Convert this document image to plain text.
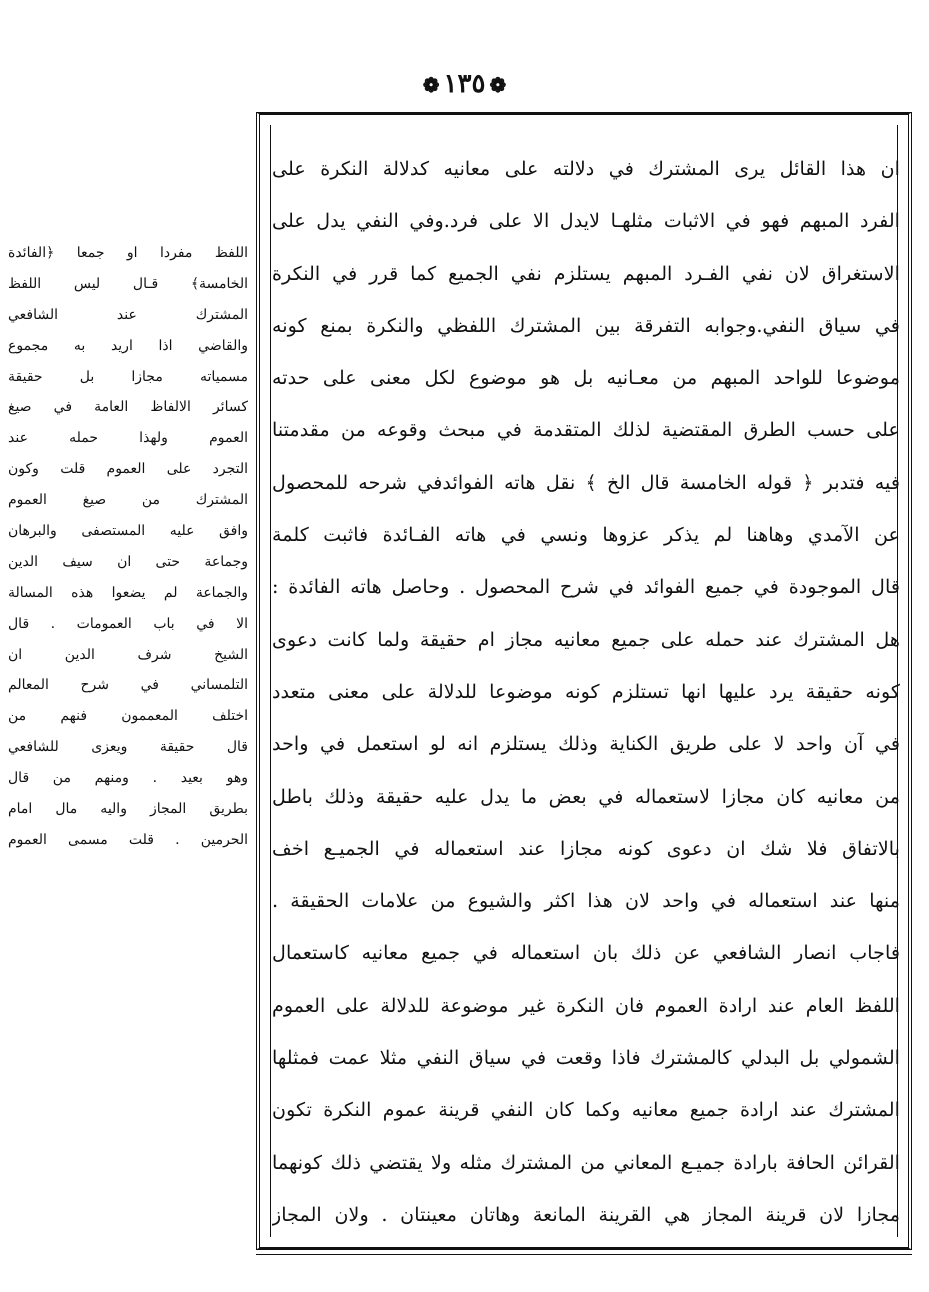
❁١٣٥❁
اللفظ مفردا او جمعا ﴿الفائدة
الخامسة﴾ قـال ليس اللفظ
المشترك عند الشافعي
والقاضي اذا اريد به مجموع
مسمياته مجازا بل حقيقة
كسائر الالفاظ العامة في صيغ
العموم ولهذا حمله عند
التجرد على العموم قلت وكون
المشترك من صيغ العموم
وافق عليه المستصفى والبرهان
وجماعة حتى ان سيف الدين
والجماعة لم يضعوا هذه المسالة
الا في باب العمومات . قال
الشيخ شرف الدين ان
التلمساني في شرح المعالم
اختلف المعممون فنهم من
قال حقيقة ويعزى للشافعي
وهو بعيد . ومنهم من قال
بطريق المجاز واليه مال امام
الحرمين . قلت مسمى العموم
ان هذا القائل يرى المشترك في دلالته على معانيه كدلالة النكرة على
الفرد المبهم فهو في الاثبات مثلهـا لايدل الا على فرد.وفي النفي يدل على
الاستغراق لان نفي الفـرد المبهم يستلزم نفي الجميع كما قرر في النكرة
في سياق النفي.وجوابه التفرقة بين المشترك اللفظي والنكرة بمنع كونه
موضوعا للواحد المبهم من معـانيه بل هو موضوع لكل معنى على حدته
على حسب الطرق المقتضية لذلك المتقدمة في مبحث وقوعه من مقدمتنا
فيه فتدبر ﴿ قوله الخامسة قال الخ ﴾ نقل هاته الفوائدفي شرحه للمحصول
عن الآمدي وهاهنا لم يذكر عزوها ونسي في هاته الفـائدة فاثبت كلمة
قال الموجودة في جميع الفوائد في شرح المحصول . وحاصل هاته الفائدة :
هل المشترك عند حمله على جميع معانيه مجاز ام حقيقة ولما كانت دعوى
كونه حقيقة يرد عليها انها تستلزم كونه موضوعا للدلالة على معنى متعدد
في آن واحد لا على طريق الكناية وذلك يستلزم انه لو استعمل في واحد
من معانيه كان مجازا لاستعماله في بعض ما يدل عليه حقيقة وذلك باطل
بالاتفاق فلا شك ان دعوى كونه مجازا عند استعماله في الجميـع اخف
منها عند استعماله في واحد لان هذا اكثر والشيوع من علامات الحقيقة .
فاجاب انصار الشافعي عن ذلك بان استعماله في جميع معانيه كاستعمال
اللفظ العام عند ارادة العموم فان النكرة غير موضوعة للدلالة على العموم
الشمولي بل البدلي كالمشترك فاذا وقعت في سياق النفي مثلا عمت فمثلها
المشترك عند ارادة جميع معانيه وكما كان النفي قرينة عموم النكرة تكون
القرائن الحافة بارادة جميـع المعاني من المشترك مثله ولا يقتضي ذلك كونهما
مجازا لان قرينة المجاز هي القرينة المانعة وهاتان معينتان . ولان المجاز
